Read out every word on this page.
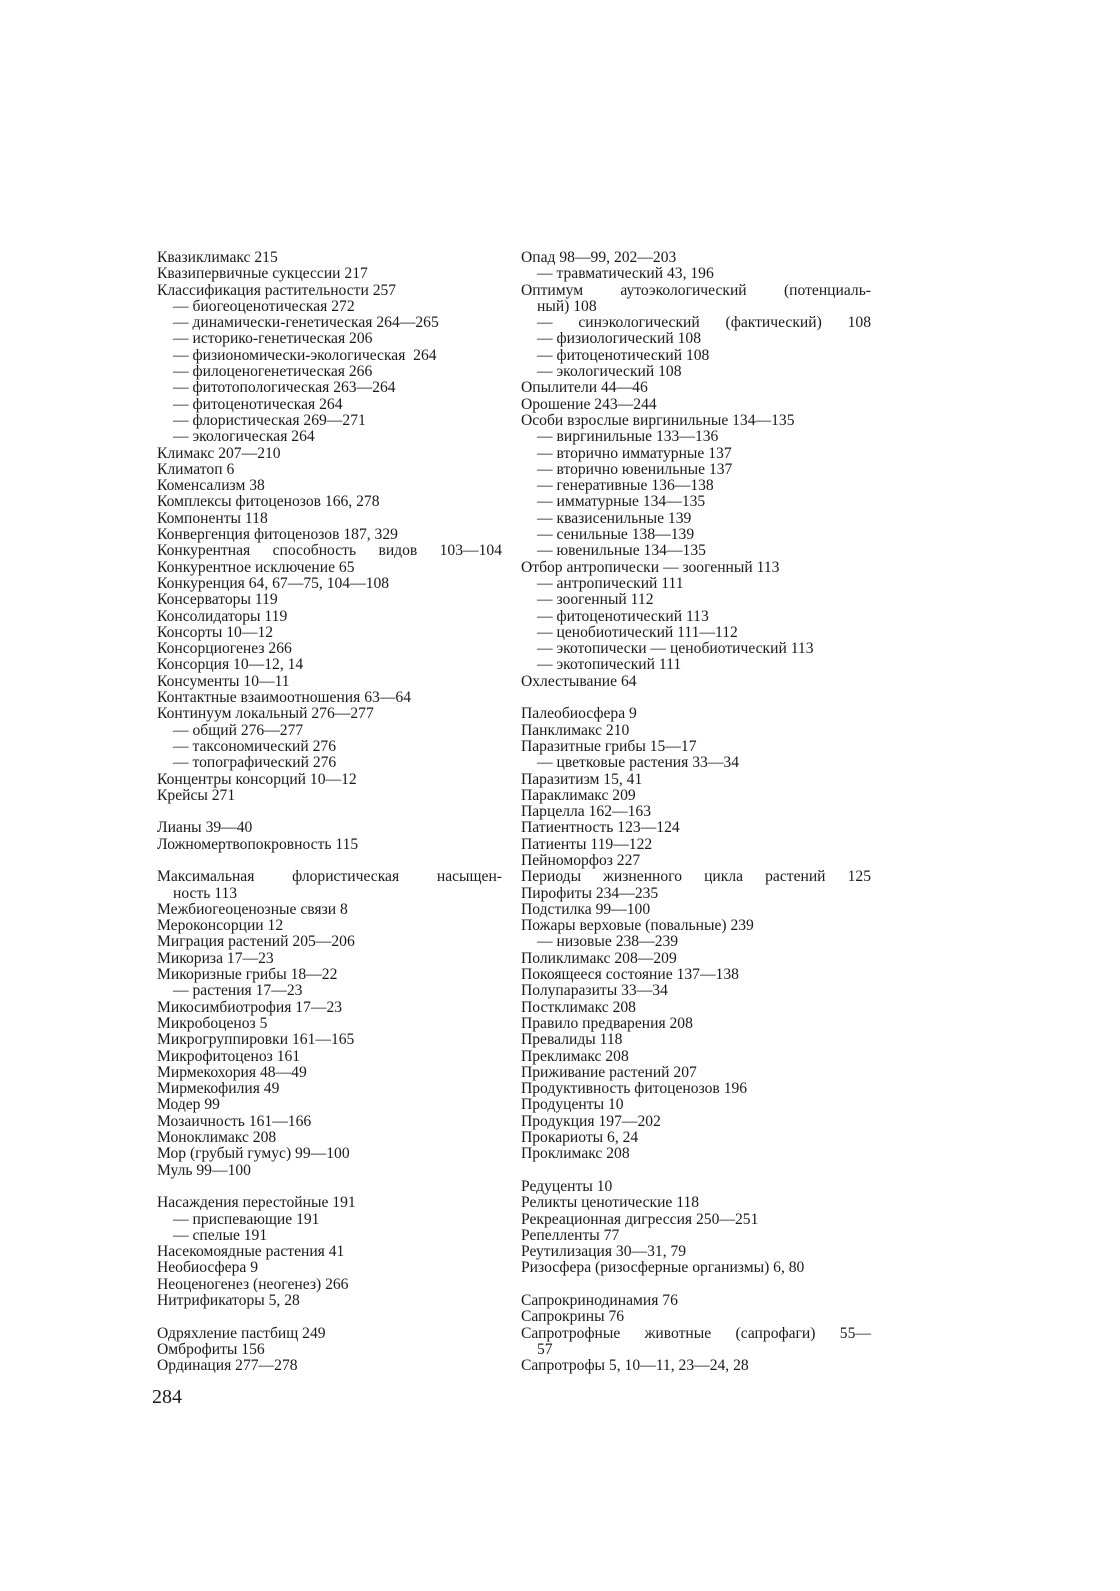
Квазиклимакс 215
Квазипервичные сукцессии 217
Классификация растительности 257
— биогеоценотическая 272
— динамически-генетическая 264—265
— историко-генетическая 206
— физиономически-экологическая  264
— филоценогенетическая 266
— фитотопологическая 263—264
— фитоценотическая 264
— флористическая 269—271
— экологическая 264
Климакс 207—210
Климатоп 6
Коменсализм 38
Комплексы фитоценозов 166, 278
Компоненты 118
Конвергенция фитоценозов 187, 329
Конкурентная способность видов 103—104
Конкурентное исключение 65
Конкуренция 64, 67—75, 104—108
Консерваторы 119
Консолидаторы 119
Консорты 10—12
Консорциогенез 266
Консорция 10—12, 14
Консументы 10—11
Контактные взаимоотношения 63—64
Континуум локальный 276—277
— общий 276—277
— таксономический 276
— топографический 276
Концентры консорций 10—12
Крейсы 271
Лианы 39—40
Ложномертвопокровность 115
Максимальная флористическая насыщен-
ность 113
Межбиогеоценозные связи 8
Мероконсорции 12
Миграция растений 205—206
Микориза 17—23
Микоризные грибы 18—22
— растения 17—23
Микосимбиотрофия 17—23
Микробоценоз 5
Микрогруппировки 161—165
Микрофитоценоз 161
Мирмекохория 48—49
Мирмекофилия 49
Модер 99
Мозаичность 161—166
Моноклимакс 208
Мор (грубый гумус) 99—100
Муль 99—100
Насаждения перестойные 191
— приспевающие 191
— спелые 191
Насекомоядные растения 41
Необиосфера 9
Неоценогенез (неогенез) 266
Нитрификаторы 5, 28
Одряхление пастбищ 249
Омброфиты 156
Ординация 277—278
Опад 98—99, 202—203
— травматический 43, 196
Оптимум аутоэкологический (потенциаль-
ный) 108
— синэкологический (фактический) 108
— физиологический 108
— фитоценотический 108
— экологический 108
Опылители 44—46
Орошение 243—244
Особи взрослые виргинильные 134—135
— виргинильные 133—136
— вторично имматурные 137
— вторично ювенильные 137
— генеративные 136—138
— имматурные 134—135
— квазисенильные 139
— сенильные 138—139
— ювенильные 134—135
Отбор антропически — зоогенный 113
— антропический 111
— зоогенный 112
— фитоценотический 113
— ценобиотический 111—112
— экотопически — ценобиотический 113
— экотопический 111
Охлестывание 64
Палеобиосфера 9
Панклимакс 210
Паразитные грибы 15—17
— цветковые растения 33—34
Паразитизм 15, 41
Параклимакс 209
Парцелла 162—163
Патиентность 123—124
Патиенты 119—122
Пейноморфоз 227
Периоды жизненного цикла растений 125
Пирофиты 234—235
Подстилка 99—100
Пожары верховые (повальные) 239
— низовые 238—239
Поликлимакс 208—209
Покоящееся состояние 137—138
Полупаразиты 33—34
Постклимакс 208
Правило предварения 208
Превалиды 118
Преклимакс 208
Приживание растений 207
Продуктивность фитоценозов 196
Продуценты 10
Продукция 197—202
Прокариоты 6, 24
Проклимакс 208
Редуценты 10
Реликты ценотические 118
Рекреационная дигрессия 250—251
Репелленты 77
Реутилизация 30—31, 79
Ризосфера (ризосферные организмы) 6, 80
Сапрокринодинамия 76
Сапрокрины 76
Сапротрофные животные (сапрофаги) 55—
57
Сапротрофы 5, 10—11, 23—24, 28
284
